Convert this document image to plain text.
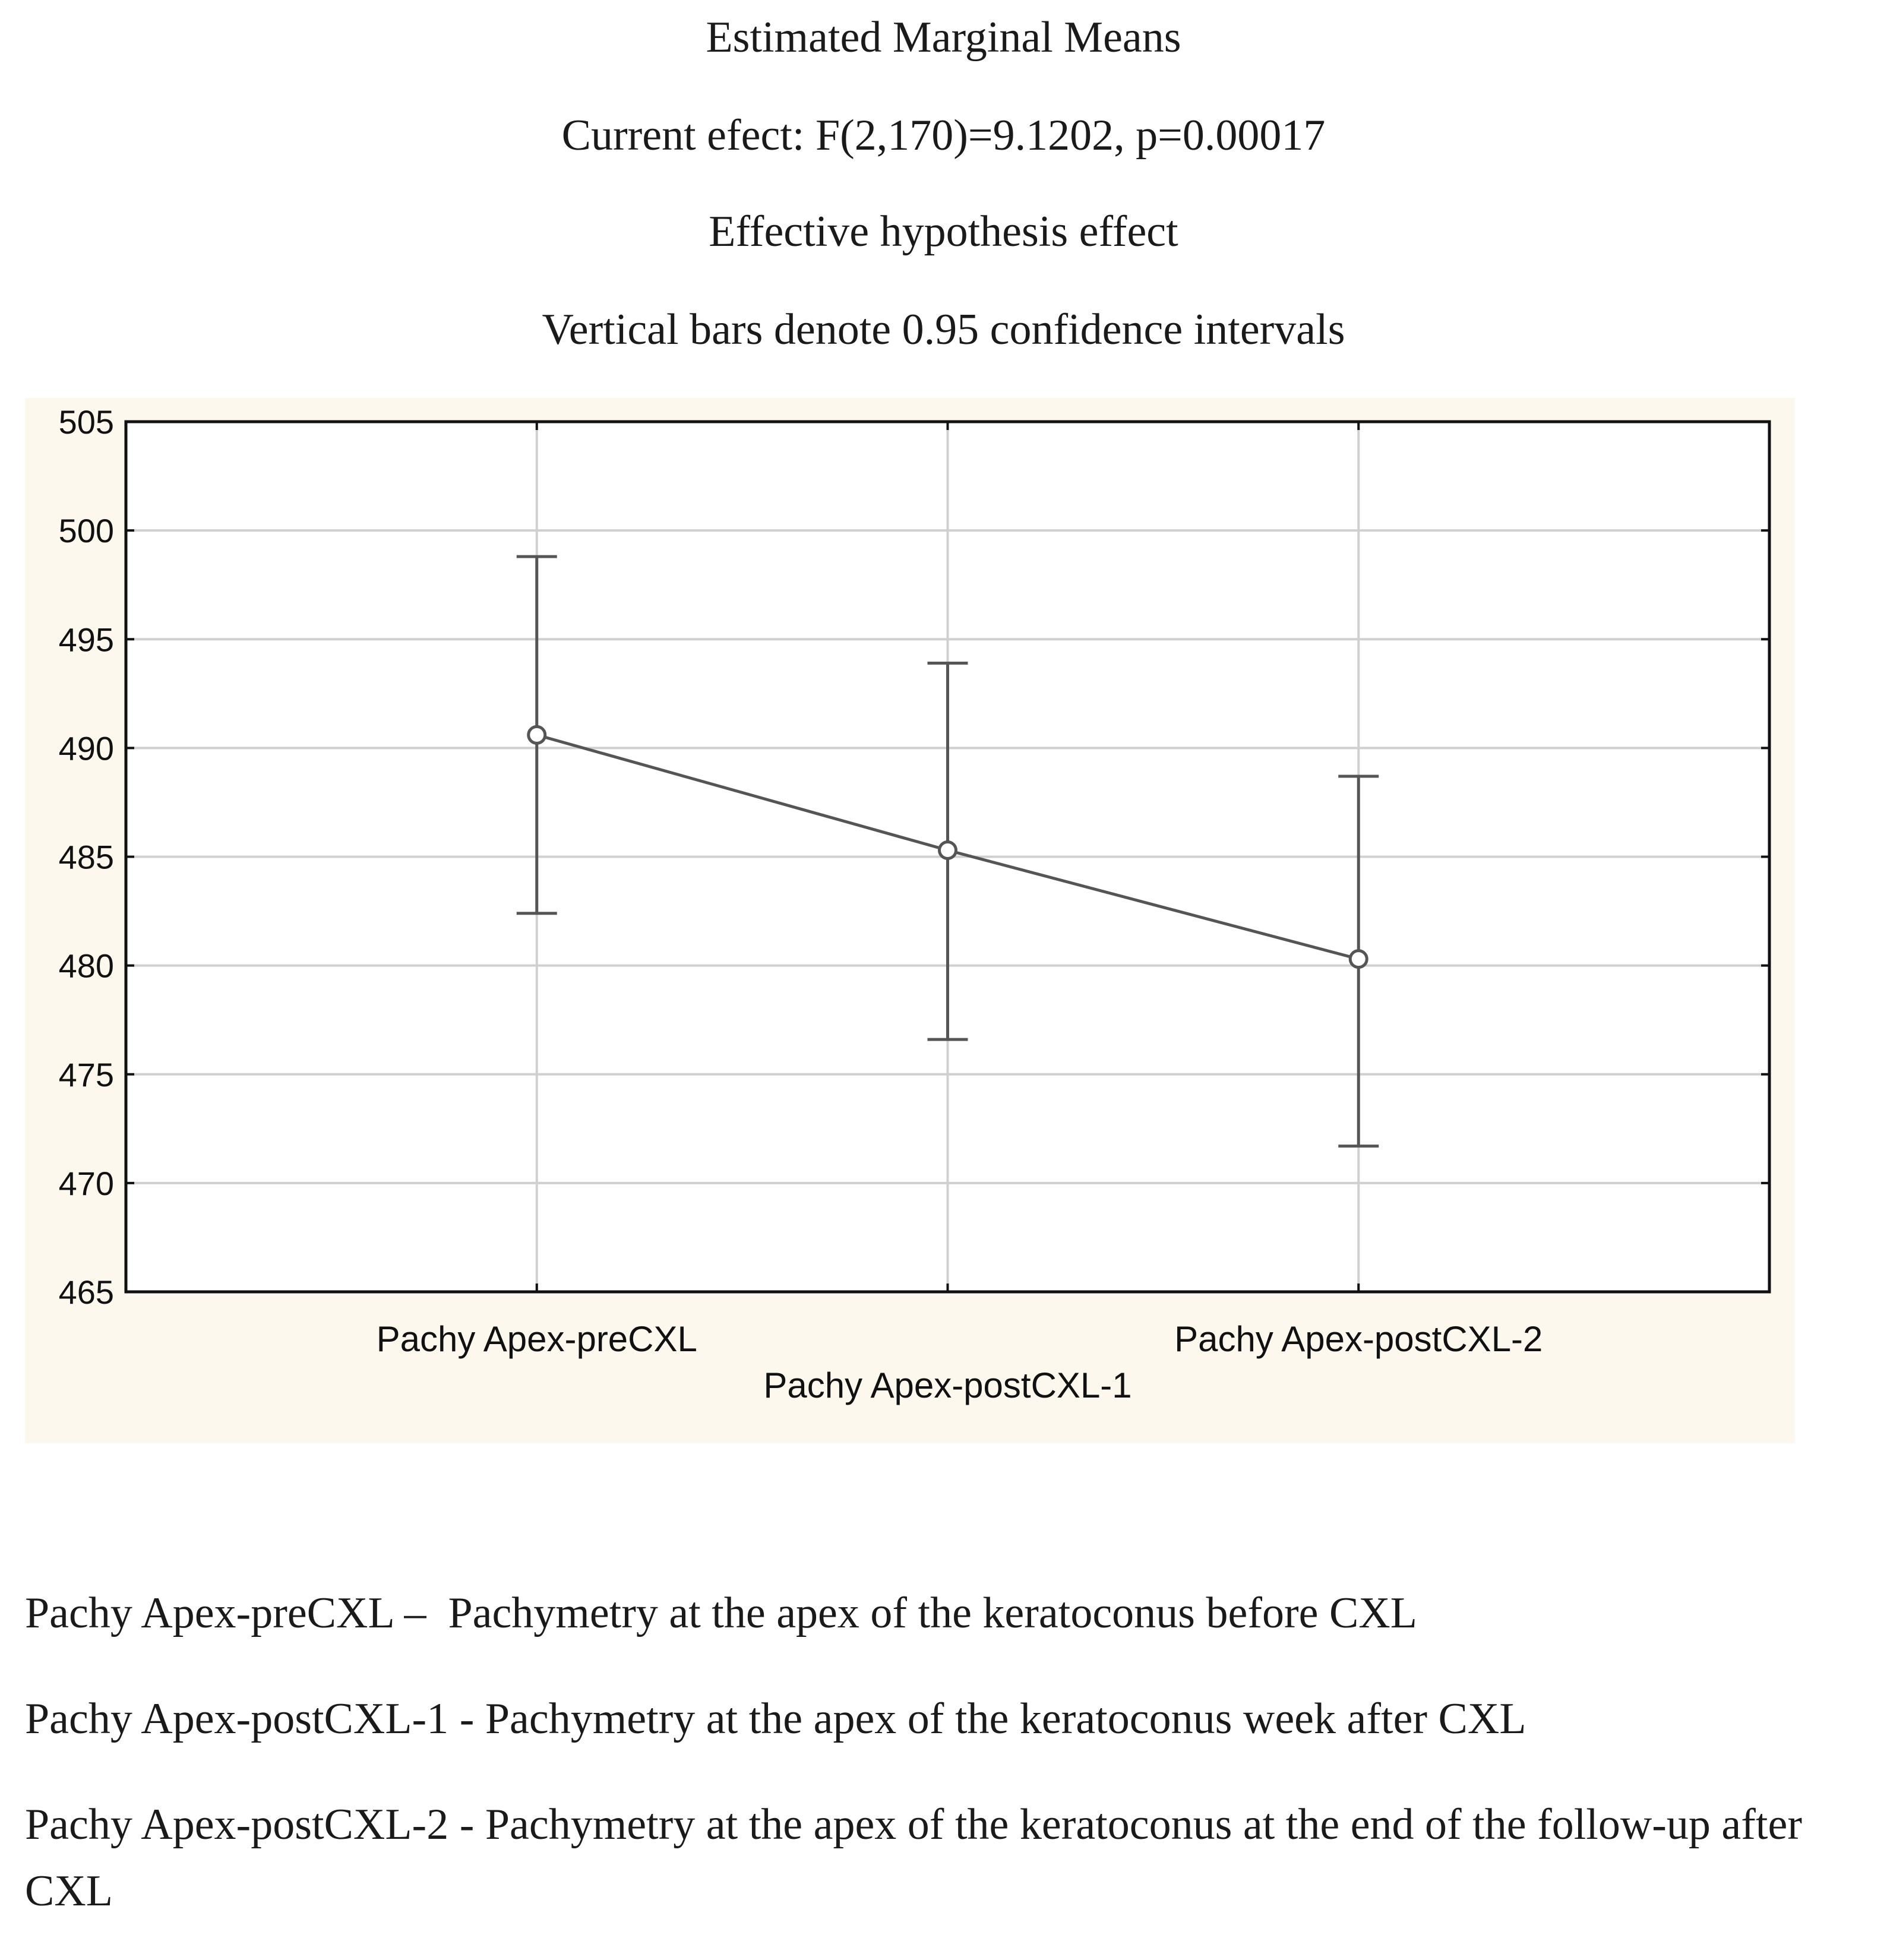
Estimated Marginal Means
Current efect: F(2,170)=9.1202, p=0.00017
Effective hypothesis effect
Vertical bars denote 0.95 confidence intervals
465
470
475
480
485
490
495
500
505
Pachy Apex-preCXL
Pachy Apex-postCXL-1
Pachy Apex-postCXL-2

Pachy Apex-preCXL –  Pachymetry at the apex of the keratoconus before CXL

Pachy Apex-postCXL-1 - Pachymetry at the apex of the keratoconus week after CXL

Pachy Apex-postCXL-2 - Pachymetry at the apex of the keratoconus at the end of the follow-up after CXL
